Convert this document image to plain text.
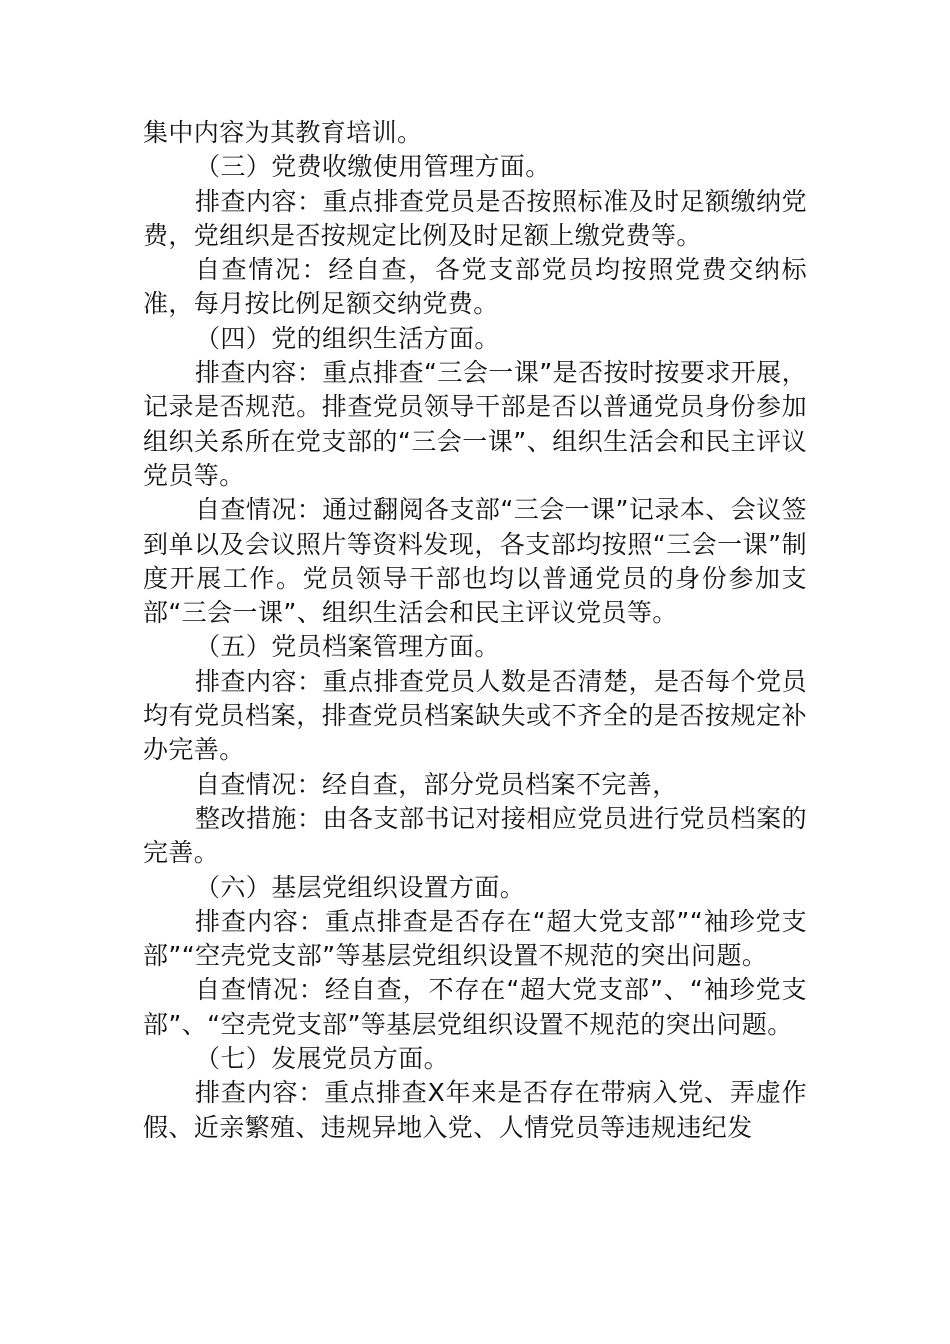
集中内容为其教育培训。

（三）党费收缴使用管理方面。

排查内容：重点排查党员是否按照标准及时足额缴纳党费，党组织是否按规定比例及时足额上缴党费等。

自查情况：经自查，各党支部党员均按照党费交纳标准，每月按比例足额交纳党费。

（四）党的组织生活方面。

排查内容：重点排查“三会一课”是否按时按要求开展，记录是否规范。排查党员领导干部是否以普通党员身份参加组织关系所在党支部的“三会一课”、组织生活会和民主评议党员等。

自查情况：通过翻阅各支部“三会一课”记录本、会议签到单以及会议照片等资料发现，各支部均按照“三会一课”制度开展工作。党员领导干部也均以普通党员的身份参加支部“三会一课”、组织生活会和民主评议党员等。

（五）党员档案管理方面。

排查内容：重点排查党员人数是否清楚，是否每个党员均有党员档案，排查党员档案缺失或不齐全的是否按规定补办完善。

自查情况：经自查，部分党员档案不完善，

整改措施：由各支部书记对接相应党员进行党员档案的完善。

（六）基层党组织设置方面。

排查内容：重点排查是否存在“超大党支部”“袖珍党支部”“空壳党支部”等基层党组织设置不规范的突出问题。

自查情况：经自查，不存在“超大党支部”、“袖珍党支部”、“空壳党支部”等基层党组织设置不规范的突出问题。

（七）发展党员方面。

排查内容：重点排查X年来是否存在带病入党、弄虚作假、近亲繁殖、违规异地入党、人情党员等违规违纪发
